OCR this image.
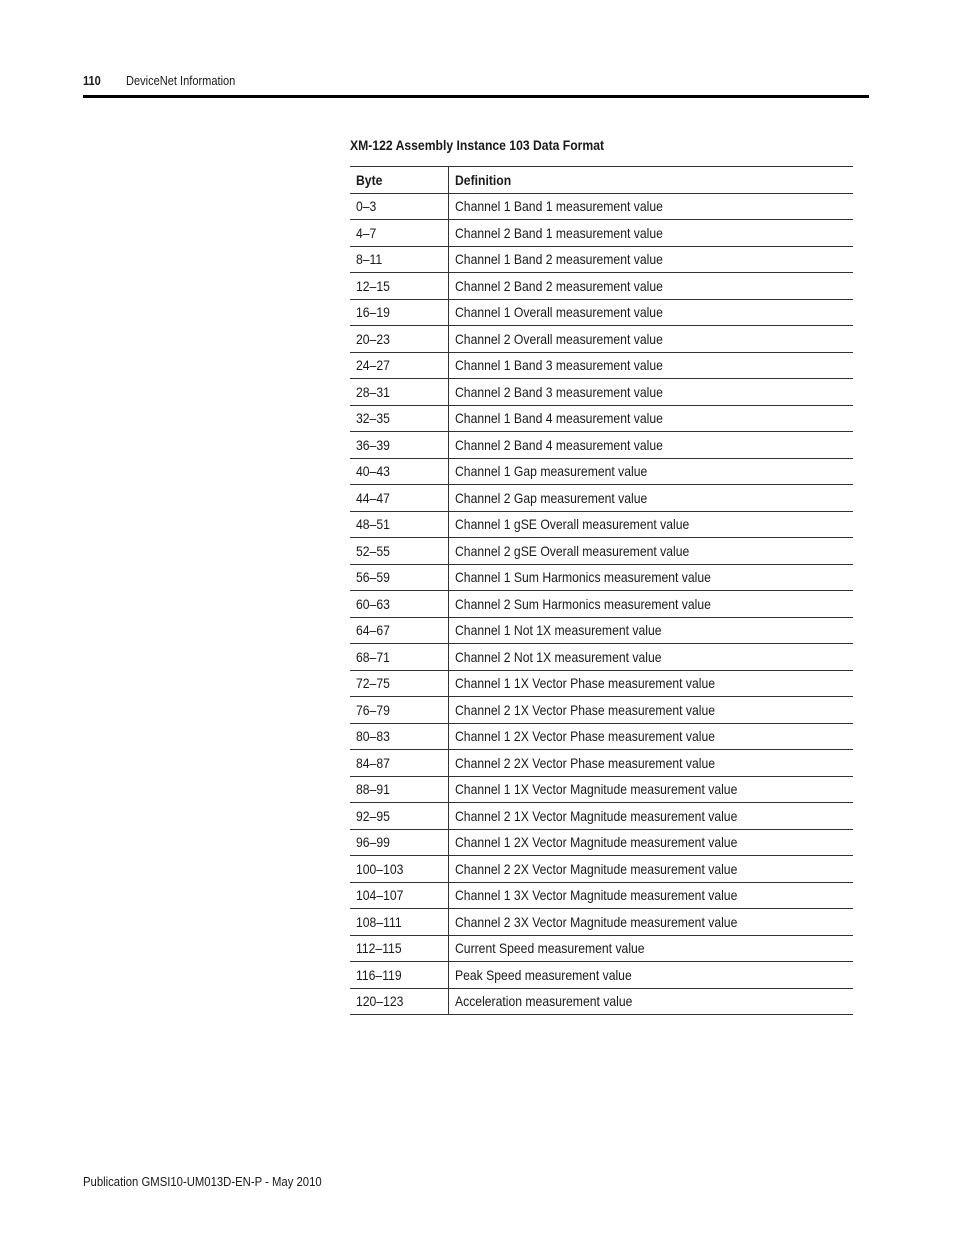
110 DeviceNet Information
XM-122 Assembly Instance 103 Data Format
Byte	Definition
0–3	Channel 1 Band 1 measurement value
4–7	Channel 2 Band 1 measurement value
8–11	Channel 1 Band 2 measurement value
12–15	Channel 2 Band 2 measurement value
16–19	Channel 1 Overall measurement value
20–23	Channel 2 Overall measurement value
24–27	Channel 1 Band 3 measurement value
28–31	Channel 2 Band 3 measurement value
32–35	Channel 1 Band 4 measurement value
36–39	Channel 2 Band 4 measurement value
40–43	Channel 1 Gap measurement value
44–47	Channel 2 Gap measurement value
48–51	Channel 1 gSE Overall measurement value
52–55	Channel 2 gSE Overall measurement value
56–59	Channel 1 Sum Harmonics measurement value
60–63	Channel 2 Sum Harmonics measurement value
64–67	Channel 1 Not 1X measurement value
68–71	Channel 2 Not 1X measurement value
72–75	Channel 1 1X Vector Phase measurement value
76–79	Channel 2 1X Vector Phase measurement value
80–83	Channel 1 2X Vector Phase measurement value
84–87	Channel 2 2X Vector Phase measurement value
88–91	Channel 1 1X Vector Magnitude measurement value
92–95	Channel 2 1X Vector Magnitude measurement value
96–99	Channel 1 2X Vector Magnitude measurement value
100–103	Channel 2 2X Vector Magnitude measurement value
104–107	Channel 1 3X Vector Magnitude measurement value
108–111	Channel 2 3X Vector Magnitude measurement value
112–115	Current Speed measurement value
116–119	Peak Speed measurement value
120–123	Acceleration measurement value
Publication GMSI10-UM013D-EN-P - May 2010
